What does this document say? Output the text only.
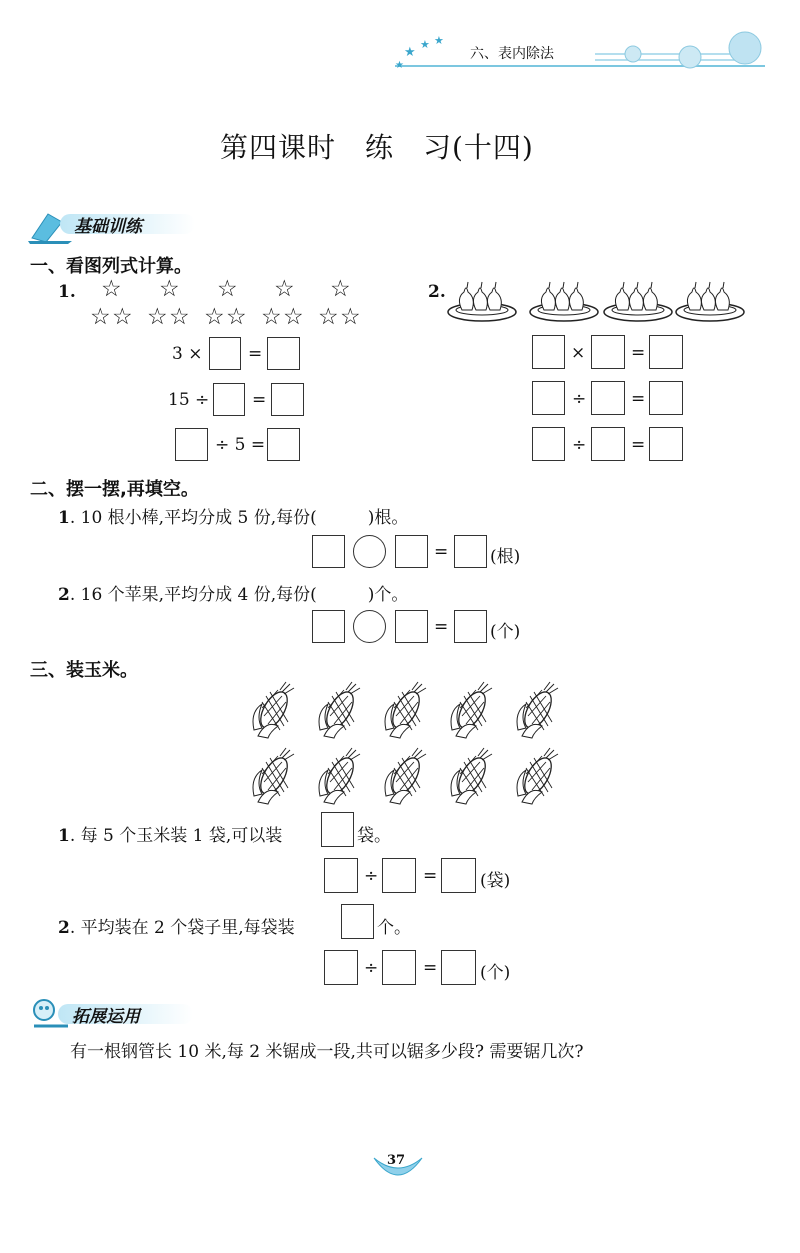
★
★ ★
★
六、表内除法
第四课时　练　习(十四)
基础训练
一、看图列式计算。
1. ☆ ☆ ☆ ☆ ☆
☆ ☆ ☆ ☆ ☆ ☆ ☆ ☆ ☆ ☆
3 ×	=
15 ÷	=
÷ 5 =
2.
×	=
÷	=
÷	=
二、摆一摆,再填空。
1. 10 根小棒,平均分成 5 份,每份(　　　)根。
= (根)
2. 16 个苹果,平均分成 4 份,每份(　　　)个。
= (个)
三、装玉米。
1. 每 5 个玉米装 1 袋,可以装	袋。
÷	=	(袋)
2. 平均装在 2 个袋子里,每袋装	个。
÷	=	(个)
拓展运用
有一根钢管长 10 米,每 2 米锯成一段,共可以锯多少段? 需要锯几次?
37
